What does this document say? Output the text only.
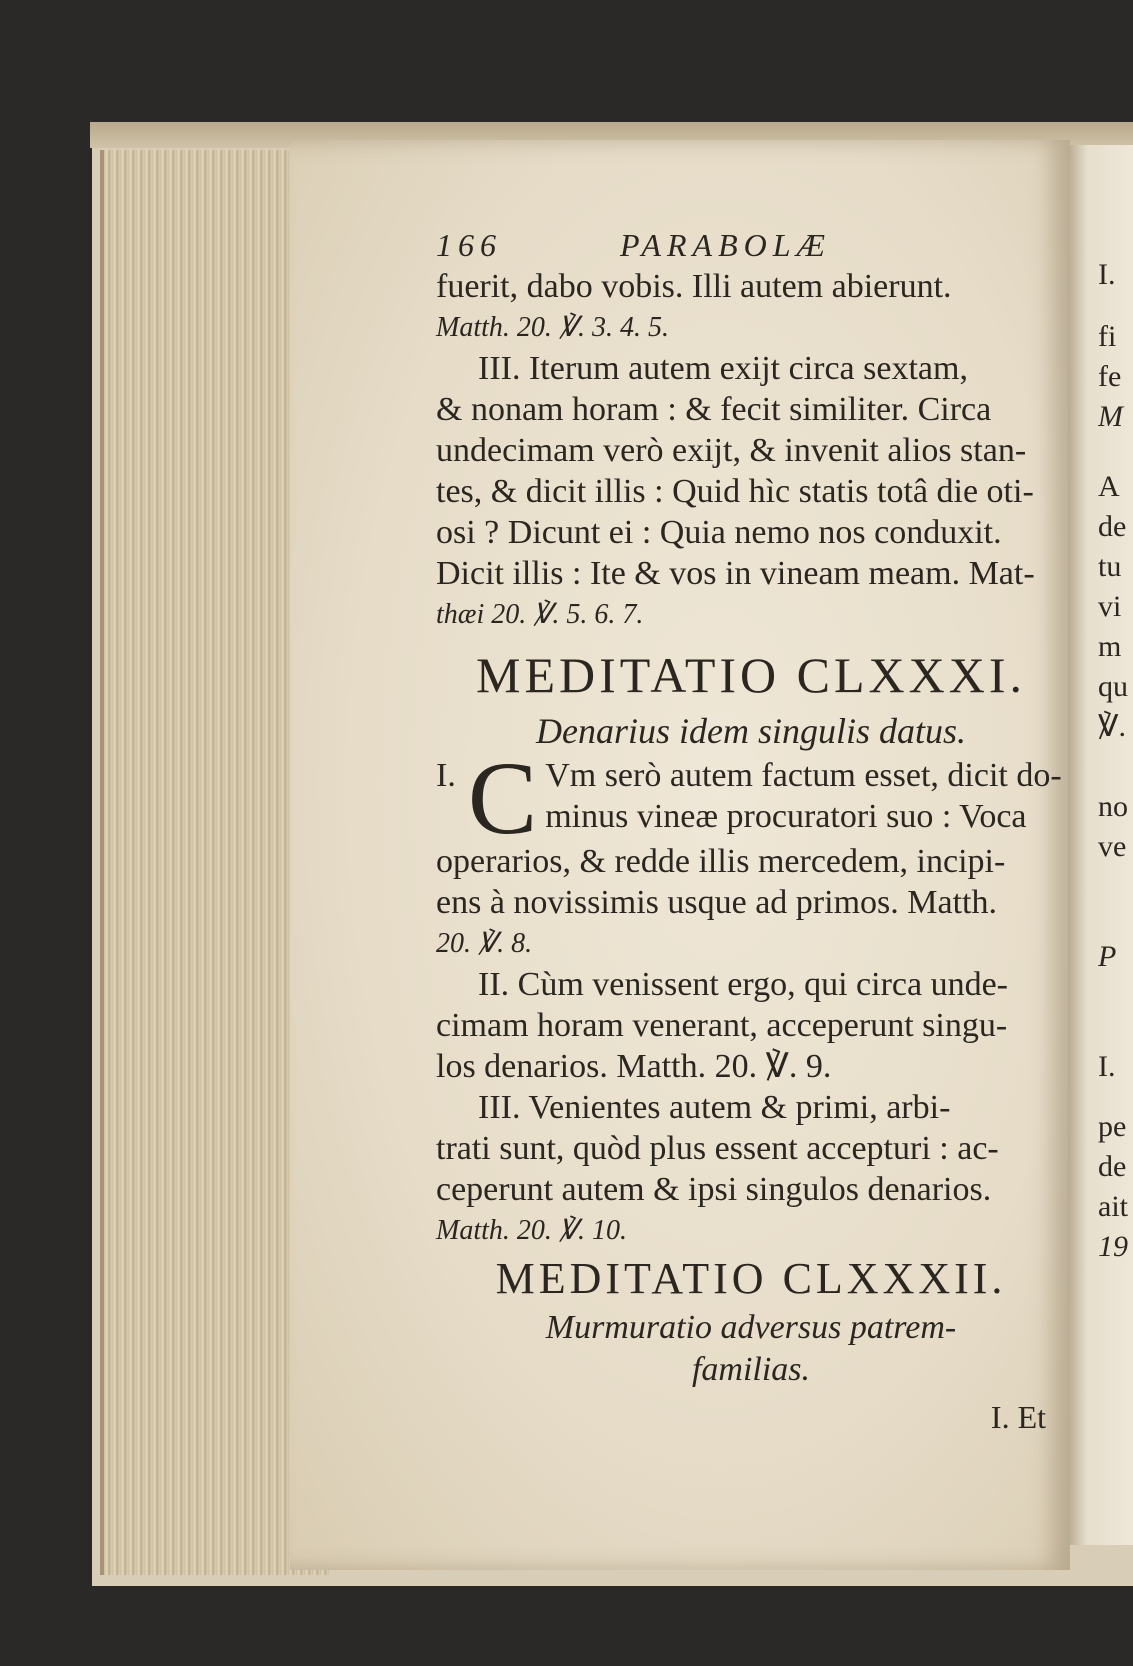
166	PARABOLÆ
fuerit, dabo vobis. Illi autem abierunt.
Matth. 20. ℣. 3. 4. 5.
III. Iterum autem exijt circa sextam,
& nonam horam : & fecit similiter. Circa
undecimam verò exijt, & invenit alios stan-
tes, & dicit illis : Quid hìc statis totâ die oti-
osi ? Dicunt ei : Quia nemo nos conduxit.
Dicit illis : Ite & vos in vineam meam. Mat-
thæi 20. ℣. 5. 6. 7.
MEDITATIO CLXXXI.
Denarius idem singulis datus.
I. C Vm serò autem factum esset, dicit do-
minus vineæ procuratori suo : Voca
operarios, & redde illis mercedem, incipi-
ens à novissimis usque ad primos. Matth.
20. ℣. 8.
II. Cùm venissent ergo, qui circa unde-
cimam horam venerant, acceperunt singu-
los denarios. Matth. 20. ℣. 9.
III. Venientes autem & primi, arbi-
trati sunt, quòd plus essent accepturi : ac-
ceperunt autem & ipsi singulos denarios.
Matth. 20. ℣. 10.
MEDITATIO CLXXXII.
Murmuratio adversus patrem-
familias.
I. Et
I.
fi
fe
M
A
de
tu
vi
m
qu
℣.
no
ve
P
I.
pe
de
ait
19
